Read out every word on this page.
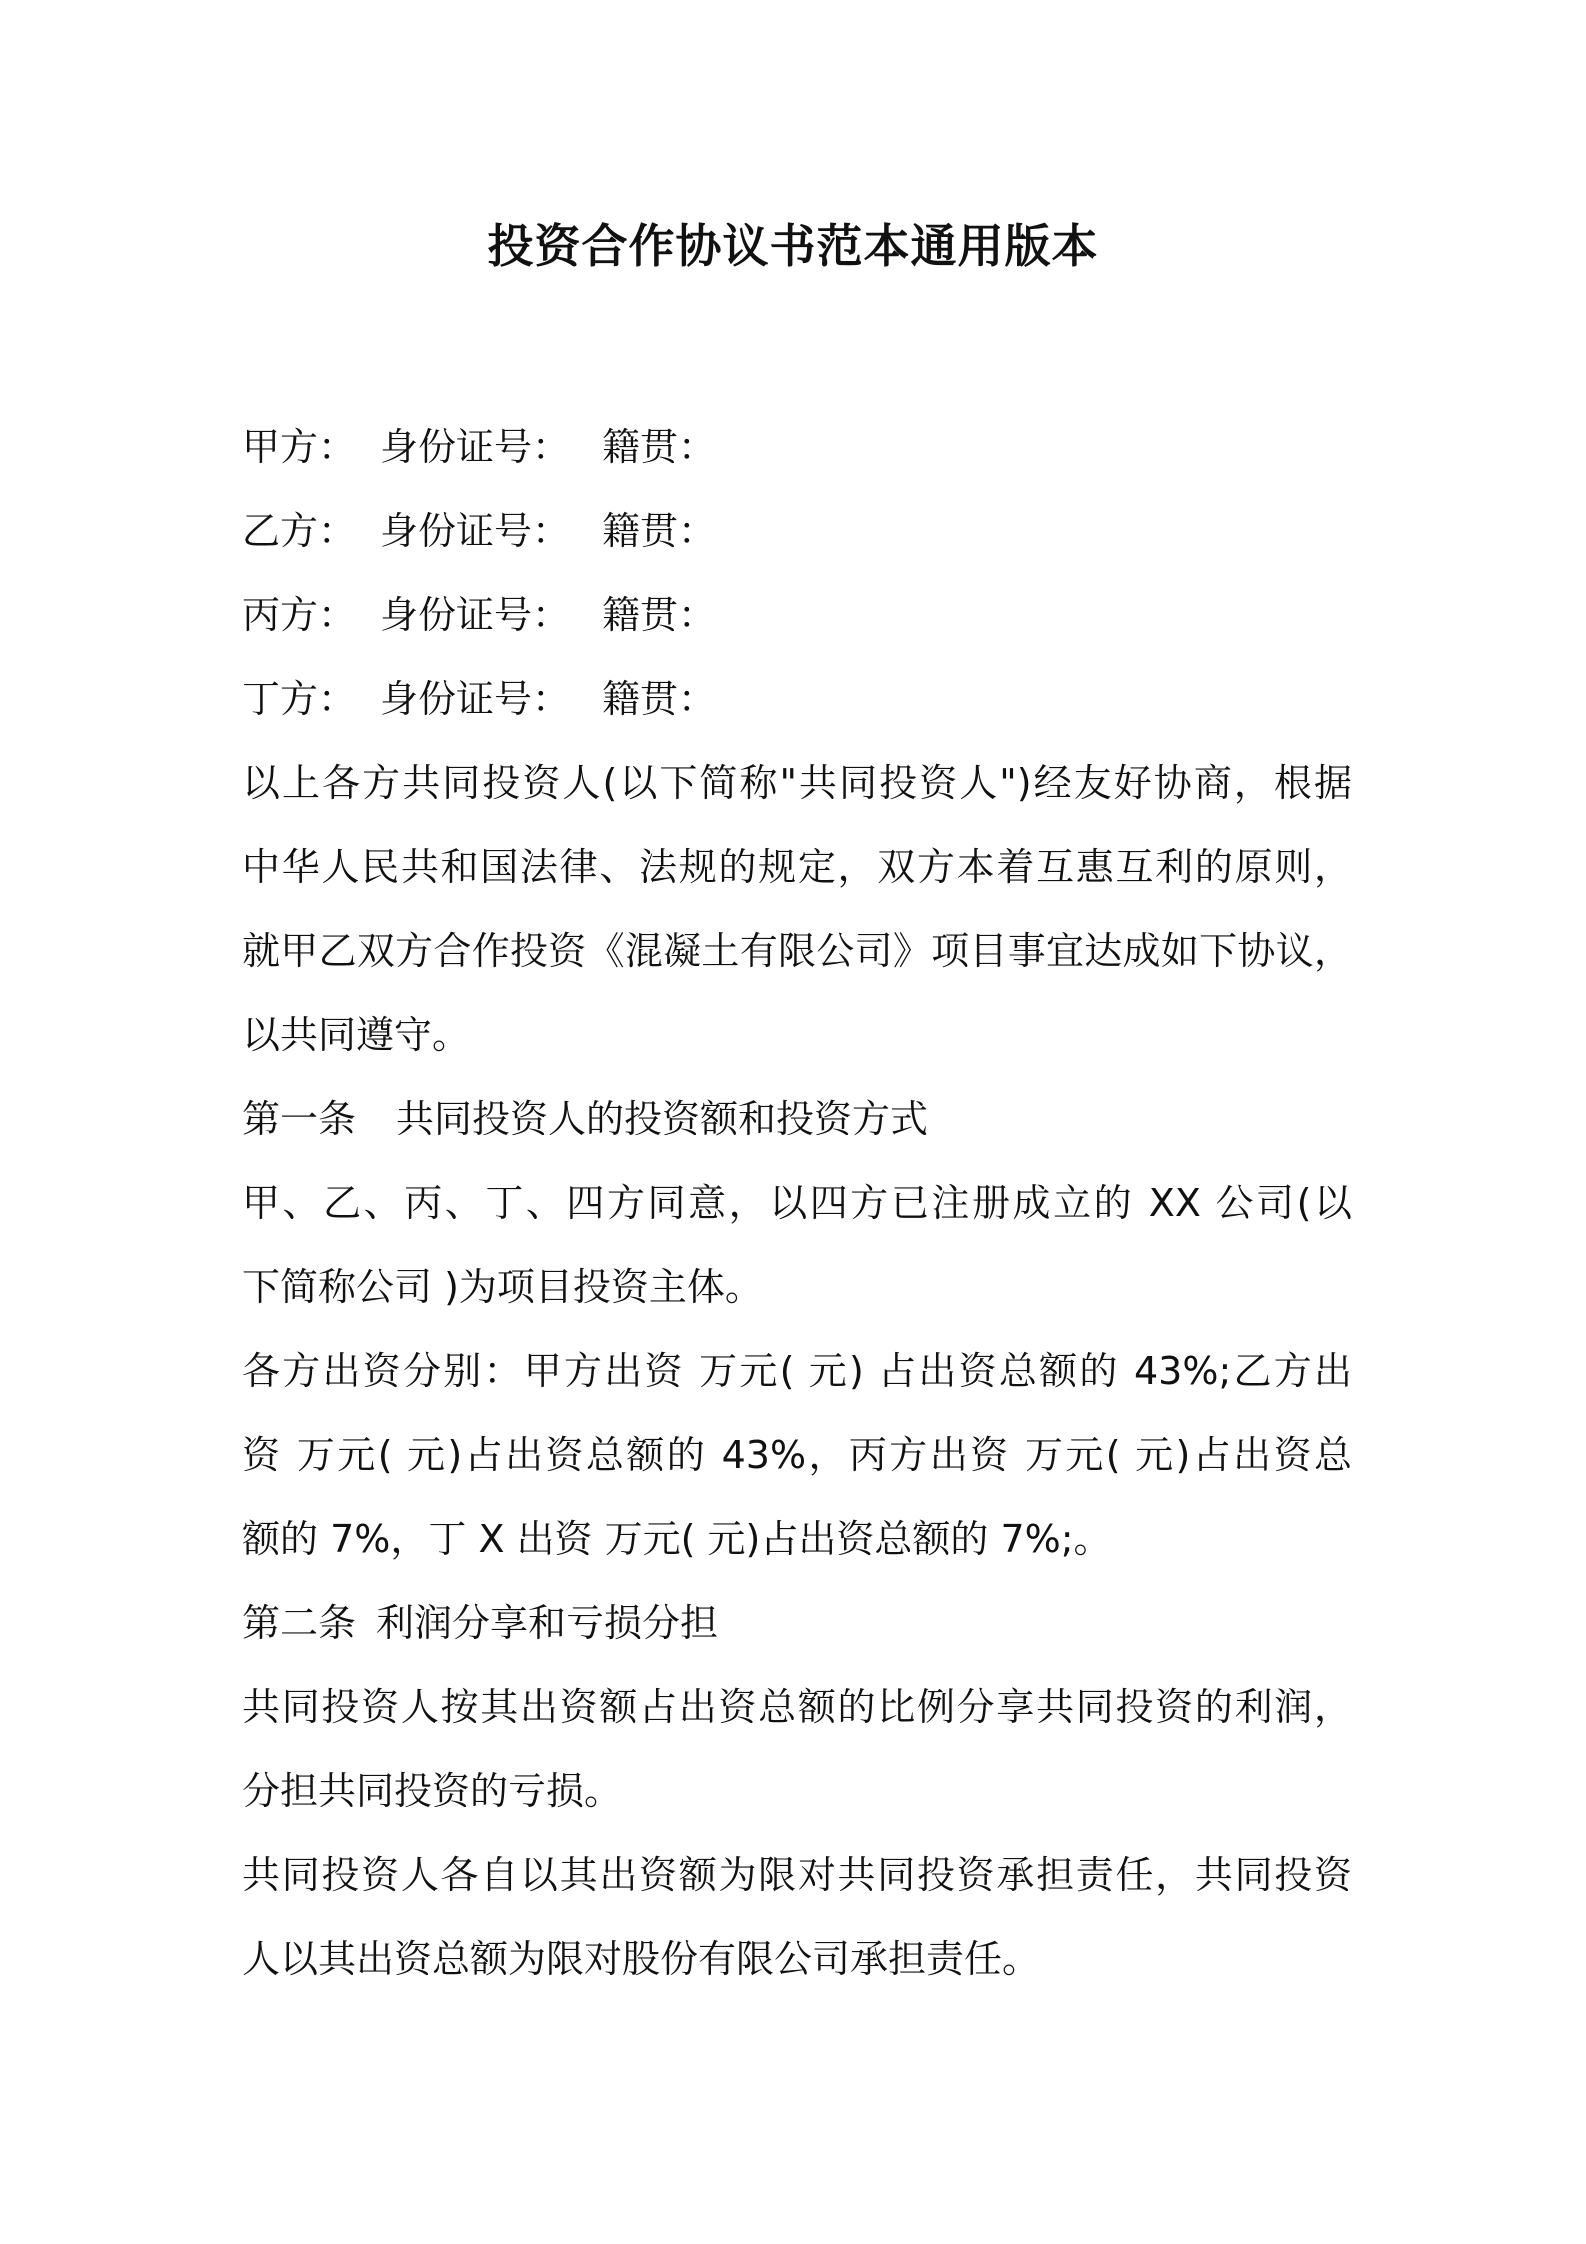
投资合作协议书范本通用版本
甲方： 身份证号： 籍贯：
乙方： 身份证号： 籍贯：
丙方： 身份证号： 籍贯：
丁方： 身份证号： 籍贯：
以上各方共同投资人(以下简称"共同投资人")经友好协商，根据
中华人民共和国法律、法规的规定，双方本着互惠互利的原则，
就甲乙双方合作投资《混凝土有限公司》项目事宜达成如下协议，
以共同遵守。
第一条 共同投资人的投资额和投资方式
甲、乙、丙、丁、四方同意，以四方已注册成立的 XX 公司(以
下简称公司 )为项目投资主体。
各方出资分别：甲方出资 万元( 元) 占出资总额的 43%;乙方出
资 万元( 元)占出资总额的 43%，丙方出资 万元( 元)占出资总
额的 7%，丁 X 出资 万元( 元)占出资总额的 7%;。
第二条 利润分享和亏损分担
共同投资人按其出资额占出资总额的比例分享共同投资的利润，
分担共同投资的亏损。
共同投资人各自以其出资额为限对共同投资承担责任，共同投资
人以其出资总额为限对股份有限公司承担责任。
